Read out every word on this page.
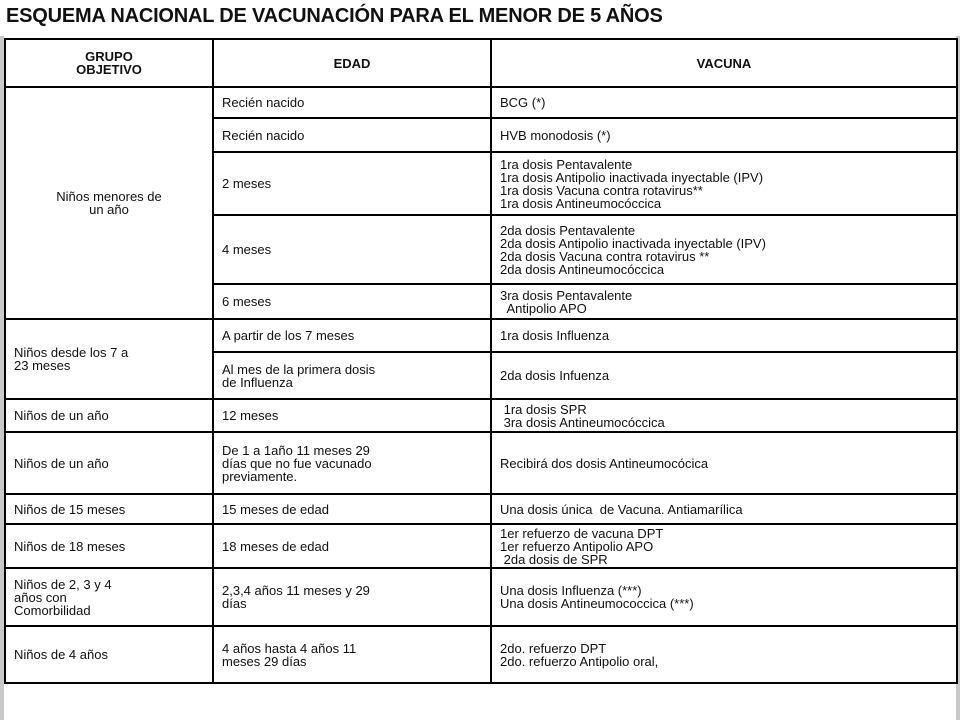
ESQUEMA NACIONAL DE VACUNACIÓN PARA EL MENOR DE 5 AÑOS
GRUPO
OBJETIVO	EDAD	VACUNA

Niños menores de
un año	Recién nacido	BCG (*)

	Recién nacido	HVB monodosis (*)

	2 meses	1ra dosis Pentavalente
1ra dosis Antipolio inactivada inyectable (IPV)
1ra dosis Vacuna contra rotavirus**
1ra dosis Antineumocóccica

	4 meses	2da dosis Pentavalente
2da dosis Antipolio inactivada inyectable (IPV)
2da dosis Vacuna contra rotavirus **
2da dosis Antineumocóccica

	6 meses	3ra dosis Pentavalente
Antipolio APO

Niños desde los 7 a
23 meses	A partir de los 7 meses	1ra dosis Influenza

	Al mes de la primera dosis
de Influenza	2da dosis Infuenza

Niños de un año	12 meses	1ra dosis SPR
3ra dosis Antineumocóccica

Niños de un año	De 1 a 1año 11 meses 29
días que no fue vacunado
previamente.	Recibirá dos dosis Antineumocócica

Niños de 15 meses	15 meses de edad	Una dosis única  de Vacuna. Antiamarílica

Niños de 18 meses	18 meses de edad	1er refuerzo de vacuna DPT
1er refuerzo Antipolio APO
2da dosis de SPR

Niños de 2, 3 y 4
años con
Comorbilidad	2,3,4 años 11 meses y 29
días	Una dosis Influenza (***)
Una dosis Antineumococcica (***)

Niños de 4 años	4 años hasta 4 años 11
meses 29 días	2do. refuerzo DPT
2do. refuerzo Antipolio oral,
